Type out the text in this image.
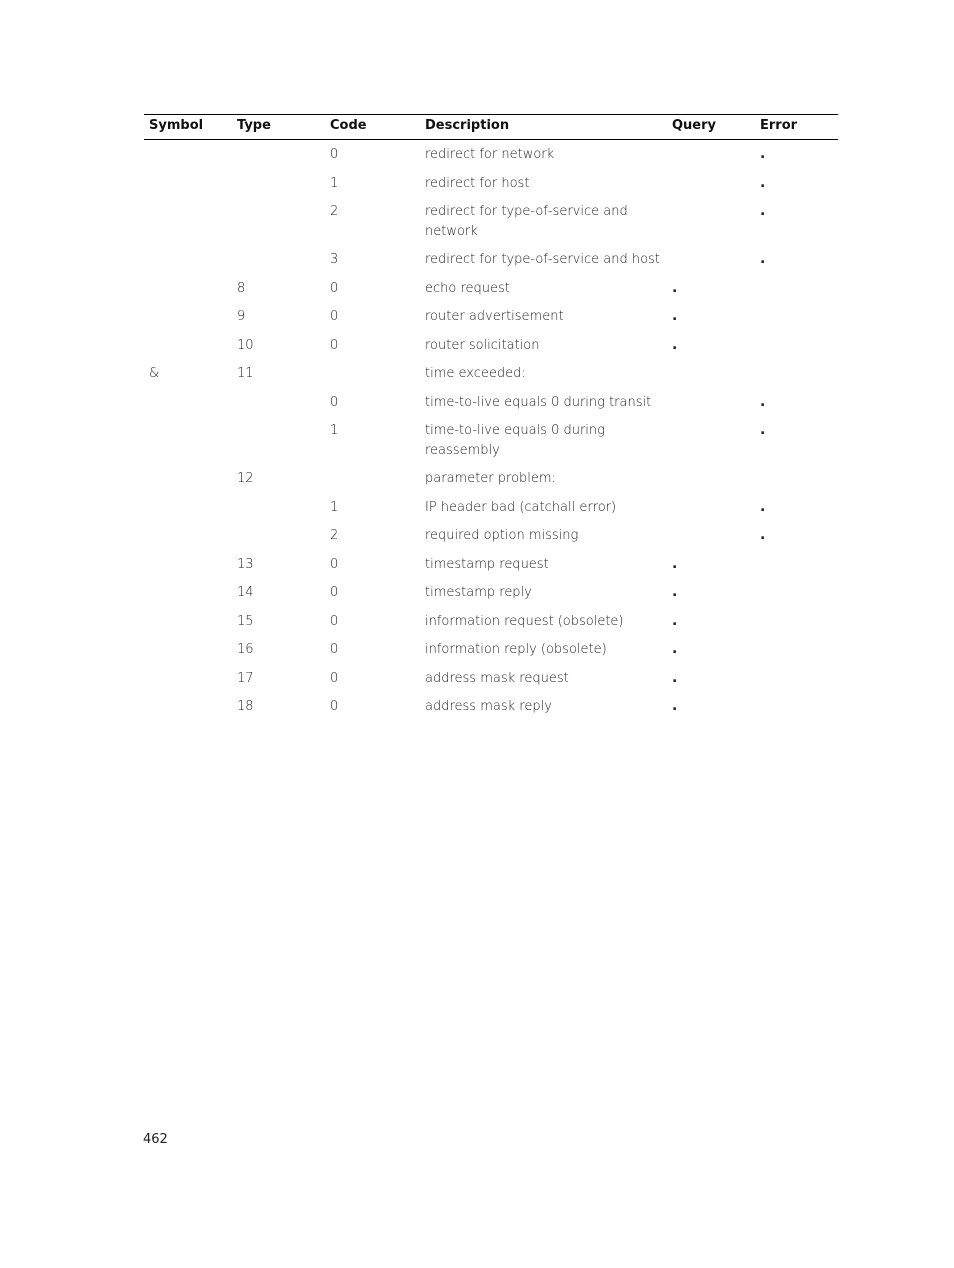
Symbol	Type	Code	Description	Query	Error
		0	redirect for network		.
		1	redirect for host		.
		2	redirect for type-of-service and network		.
		3	redirect for type-of-service and host		.
	8	0	echo request	.	
	9	0	router advertisement	.	
	10	0	router solicitation	.	
&	11		time exceeded:		
		0	time-to-live equals 0 during transit		.
		1	time-to-live equals 0 during reassembly		.
	12		parameter problem:		
		1	IP header bad (catchall error)		.
		2	required option missing		.
	13	0	timestamp request	.	
	14	0	timestamp reply	.	
	15	0	information request (obsolete)	.	
	16	0	information reply (obsolete)	.	
	17	0	address mask request	.	
	18	0	address mask reply	.	
462
